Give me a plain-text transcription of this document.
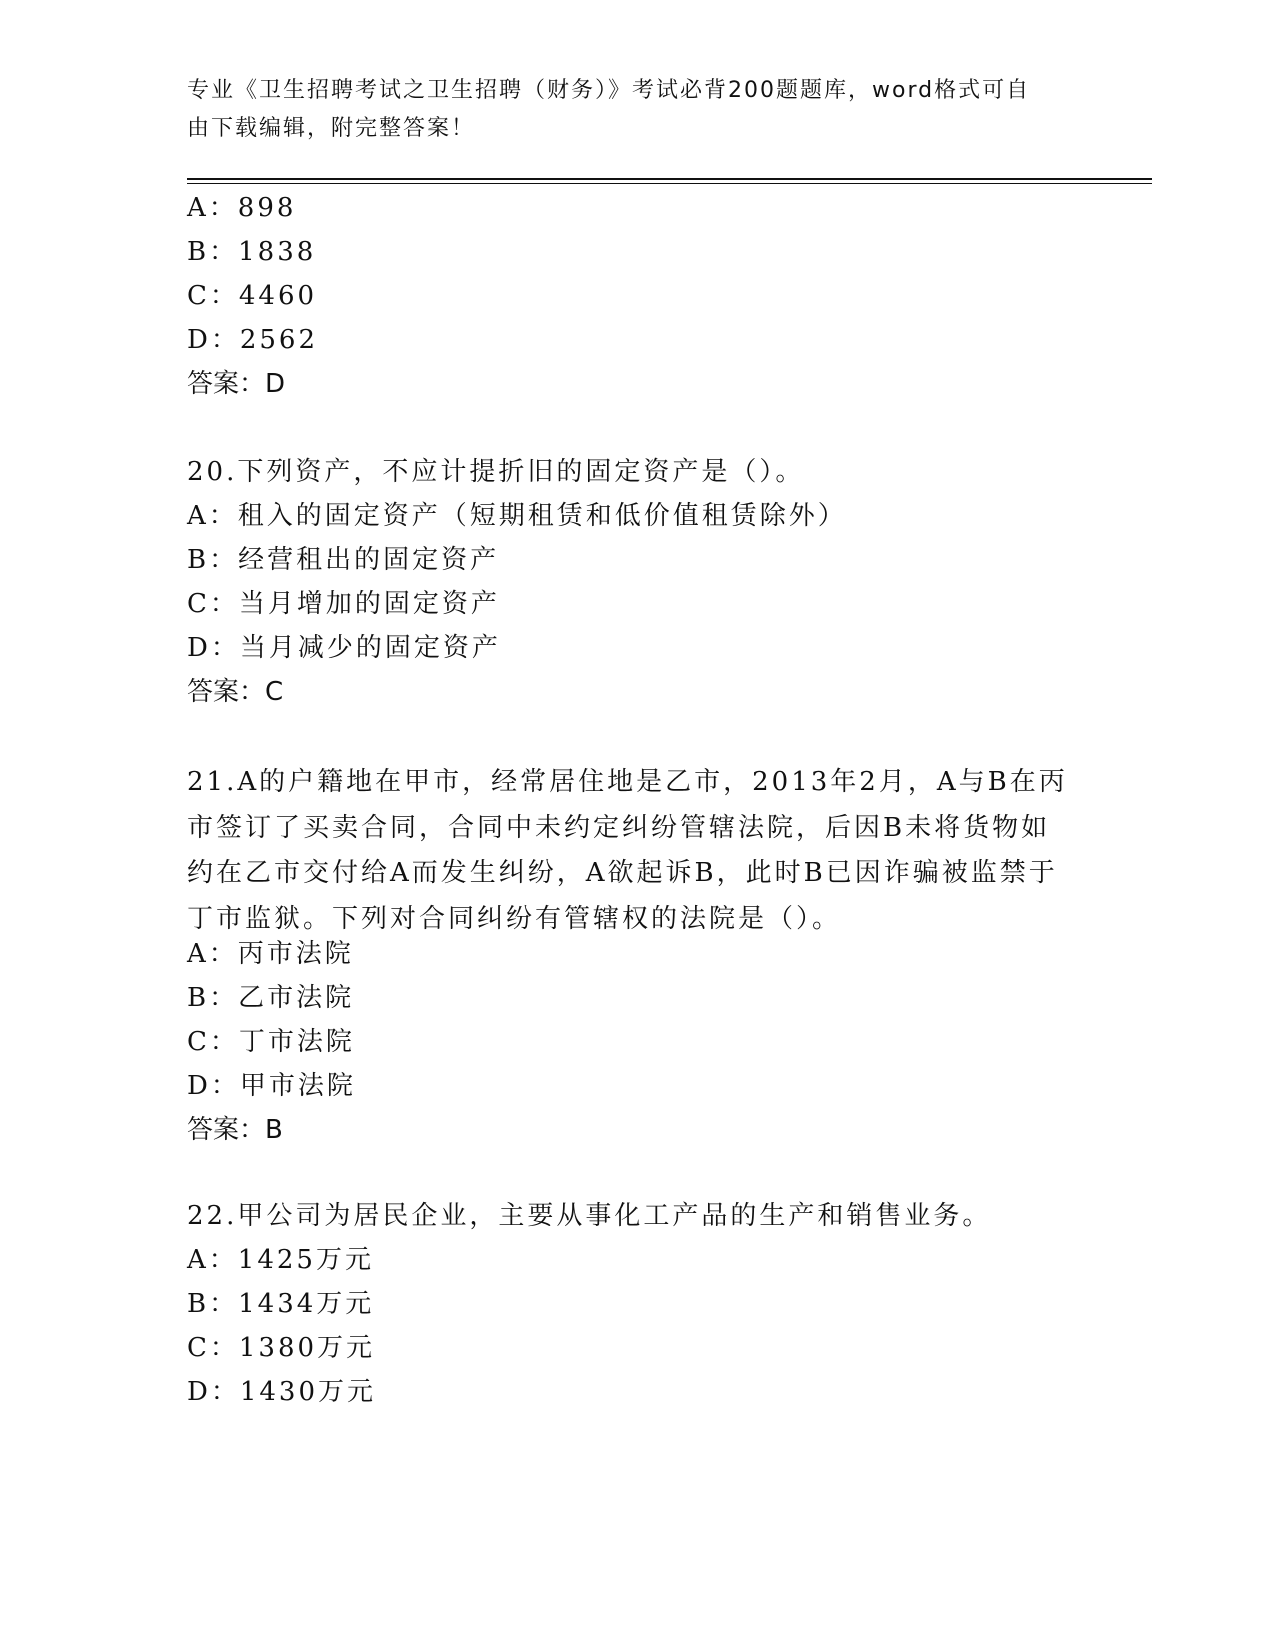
专业《卫生招聘考试之卫生招聘（财务）》考试必背200题题库，word格式可自
由下载编辑，附完整答案！
A：898
B：1838
C：4460
D：2562
答案：D
20.下列资产，不应计提折旧的固定资产是（）。
A：租入的固定资产（短期租赁和低价值租赁除外）
B：经营租出的固定资产
C：当月增加的固定资产
D：当月减少的固定资产
答案：C
21.A的户籍地在甲市，经常居住地是乙市，2013年2月，A与B在丙
市签订了买卖合同，合同中未约定纠纷管辖法院，后因B未将货物如
约在乙市交付给A而发生纠纷，A欲起诉B，此时B已因诈骗被监禁于
丁市监狱。下列对合同纠纷有管辖权的法院是（）。
A：丙市法院
B：乙市法院
C：丁市法院
D：甲市法院
答案：B
22.甲公司为居民企业，主要从事化工产品的生产和销售业务。
A：1425万元
B：1434万元
C：1380万元
D：1430万元
